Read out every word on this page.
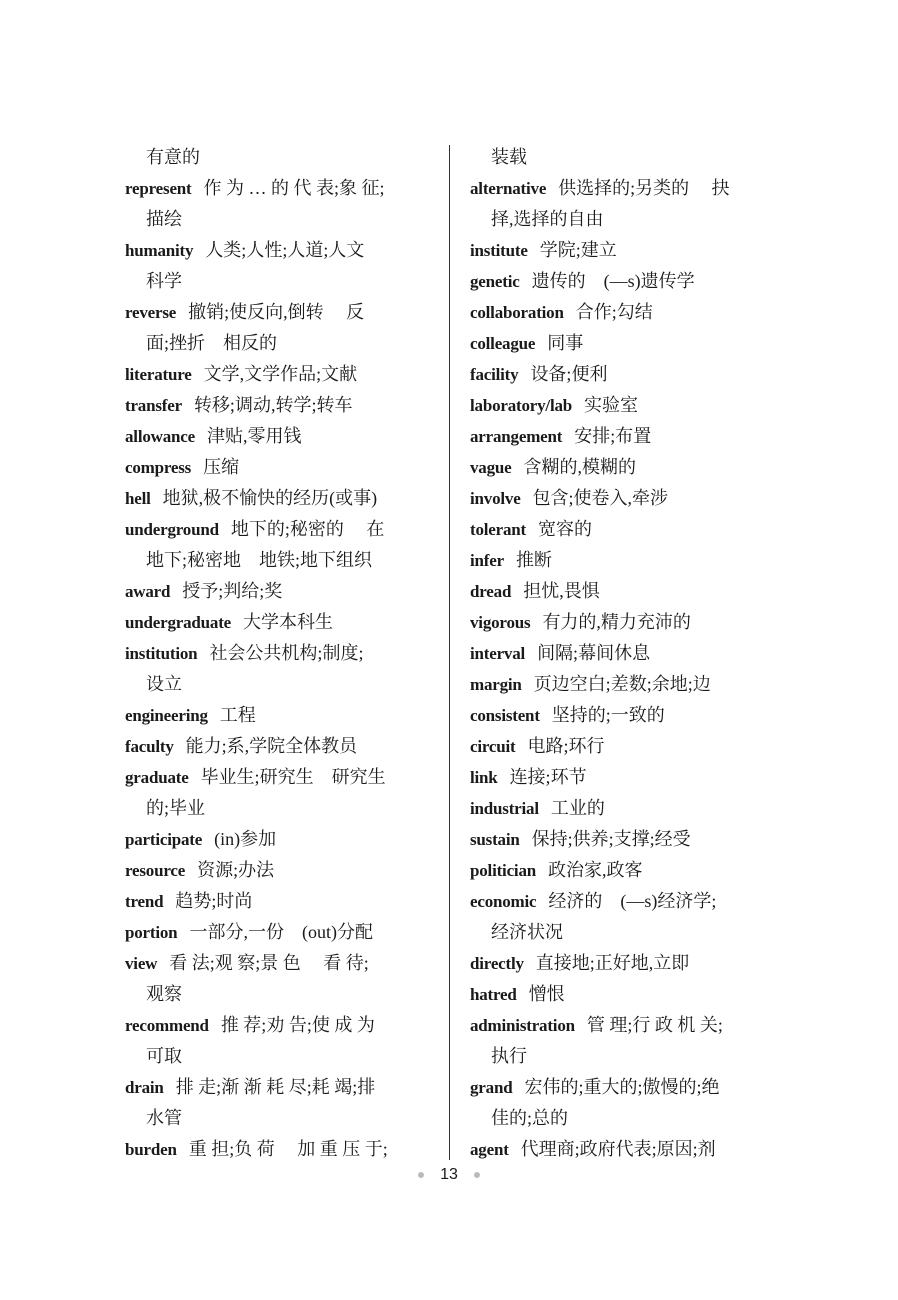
有意的
represent 作 为 … 的 代 表;象 征;
描绘
humanity 人类;人性;人道;人文
科学
reverse 撤销;使反向,倒转　 反
面;挫折　相反的
literature 文学,文学作品;文献
transfer 转移;调动,转学;转车
allowance 津贴,零用钱
compress 压缩
hell 地狱,极不愉快的经历(或事)
underground 地下的;秘密的　 在
地下;秘密地　地铁;地下组织
award 授予;判给;奖
undergraduate 大学本科生
institution 社会公共机构;制度;
设立
engineering 工程
faculty 能力;系,学院全体教员
graduate 毕业生;研究生　研究生
的;毕业
participate (in)参加
resource 资源;办法
trend 趋势;时尚
portion 一部分,一份　(out)分配
view 看 法;观 察;景 色　 看 待;
观察
recommend 推 荐;劝 告;使 成 为
可取
drain 排 走;渐 渐 耗 尽;耗 竭;排
水管
burden 重 担;负 荷　 加 重 压 于;
装载
alternative 供选择的;另类的　 抉
择,选择的自由
institute 学院;建立
genetic 遗传的　(—s)遗传学
collaboration 合作;勾结
colleague 同事
facility 设备;便利
laboratory/lab 实验室
arrangement 安排;布置
vague 含糊的,模糊的
involve 包含;使卷入,牵涉
tolerant 宽容的
infer 推断
dread 担忧,畏惧
vigorous 有力的,精力充沛的
interval 间隔;幕间休息
margin 页边空白;差数;余地;边
consistent 坚持的;一致的
circuit 电路;环行
link 连接;环节
industrial 工业的
sustain 保持;供养;支撑;经受
politician 政治家,政客
economic 经济的　(—s)经济学;
经济状况
directly 直接地;正好地,立即
hatred 憎恨
administration 管 理;行 政 机 关;
执行
grand 宏伟的;重大的;傲慢的;绝
佳的;总的
agent 代理商;政府代表;原因;剂
13
